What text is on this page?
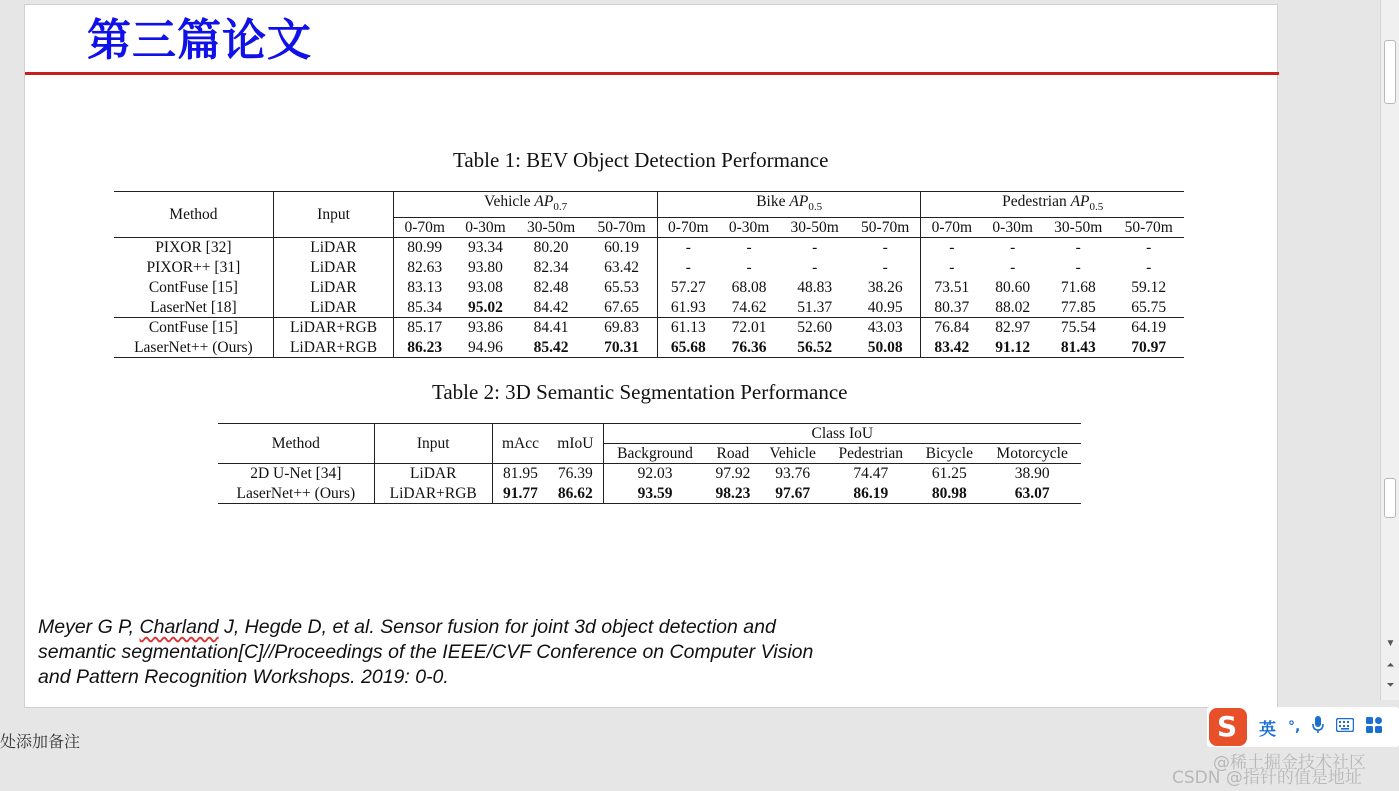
第三篇论文
Table 1: BEV Object Detection Performance
Method	Input	Vehicle $AP_{0.7}$				Bike $AP_{0.5}$				Pedestrian $AP_{0.5}$
		0-70m	0-30m	30-50m	50-70m	0-70m	0-30m	30-50m	50-70m	0-70m	0-30m	30-50m	50-70m
PIXOR [32]	LiDAR	80.99	93.34	80.20	60.19	-	-	-	-	-	-	-	-
PIXOR++ [31]	LiDAR	82.63	93.80	82.34	63.42	-	-	-	-	-	-	-	-
ContFuse [15]	LiDAR	83.13	93.08	82.48	65.53	57.27	68.08	48.83	38.26	73.51	80.60	71.68	59.12
LaserNet [18]	LiDAR	85.34	95.02	84.42	67.65	61.93	74.62	51.37	40.95	80.37	88.02	77.85	65.75
ContFuse [15]	LiDAR+RGB	85.17	93.86	84.41	69.83	61.13	72.01	52.60	43.03	76.84	82.97	75.54	64.19
LaserNet++ (Ours)	LiDAR+RGB	86.23	94.96	85.42	70.31	65.68	76.36	56.52	50.08	83.42	91.12	81.43	70.97
Table 2: 3D Semantic Segmentation Performance
Method	Input	mAcc	mIoU	Class IoU					
				Background	Road	Vehicle	Pedestrian	Bicycle	Motorcycle
2D U-Net [34]	LiDAR	81.95	76.39	92.03	97.92	93.76	74.47	61.25	38.90
LaserNet++ (Ours)	LiDAR+RGB	91.77	86.62	93.59	98.23	97.67	86.19	80.98	63.07
Meyer G P, Charland J, Hegde D, et al. Sensor fusion for joint 3d object detection and
semantic segmentation[C]//Proceedings of the IEEE/CVF Conference on Computer Vision
and Pattern Recognition Workshops. 2019: 0-0.
▼
⏶
⏷
处添加备注	S 英 °,
@稀土掘金技术社区
CSDN @指针的值是地址
